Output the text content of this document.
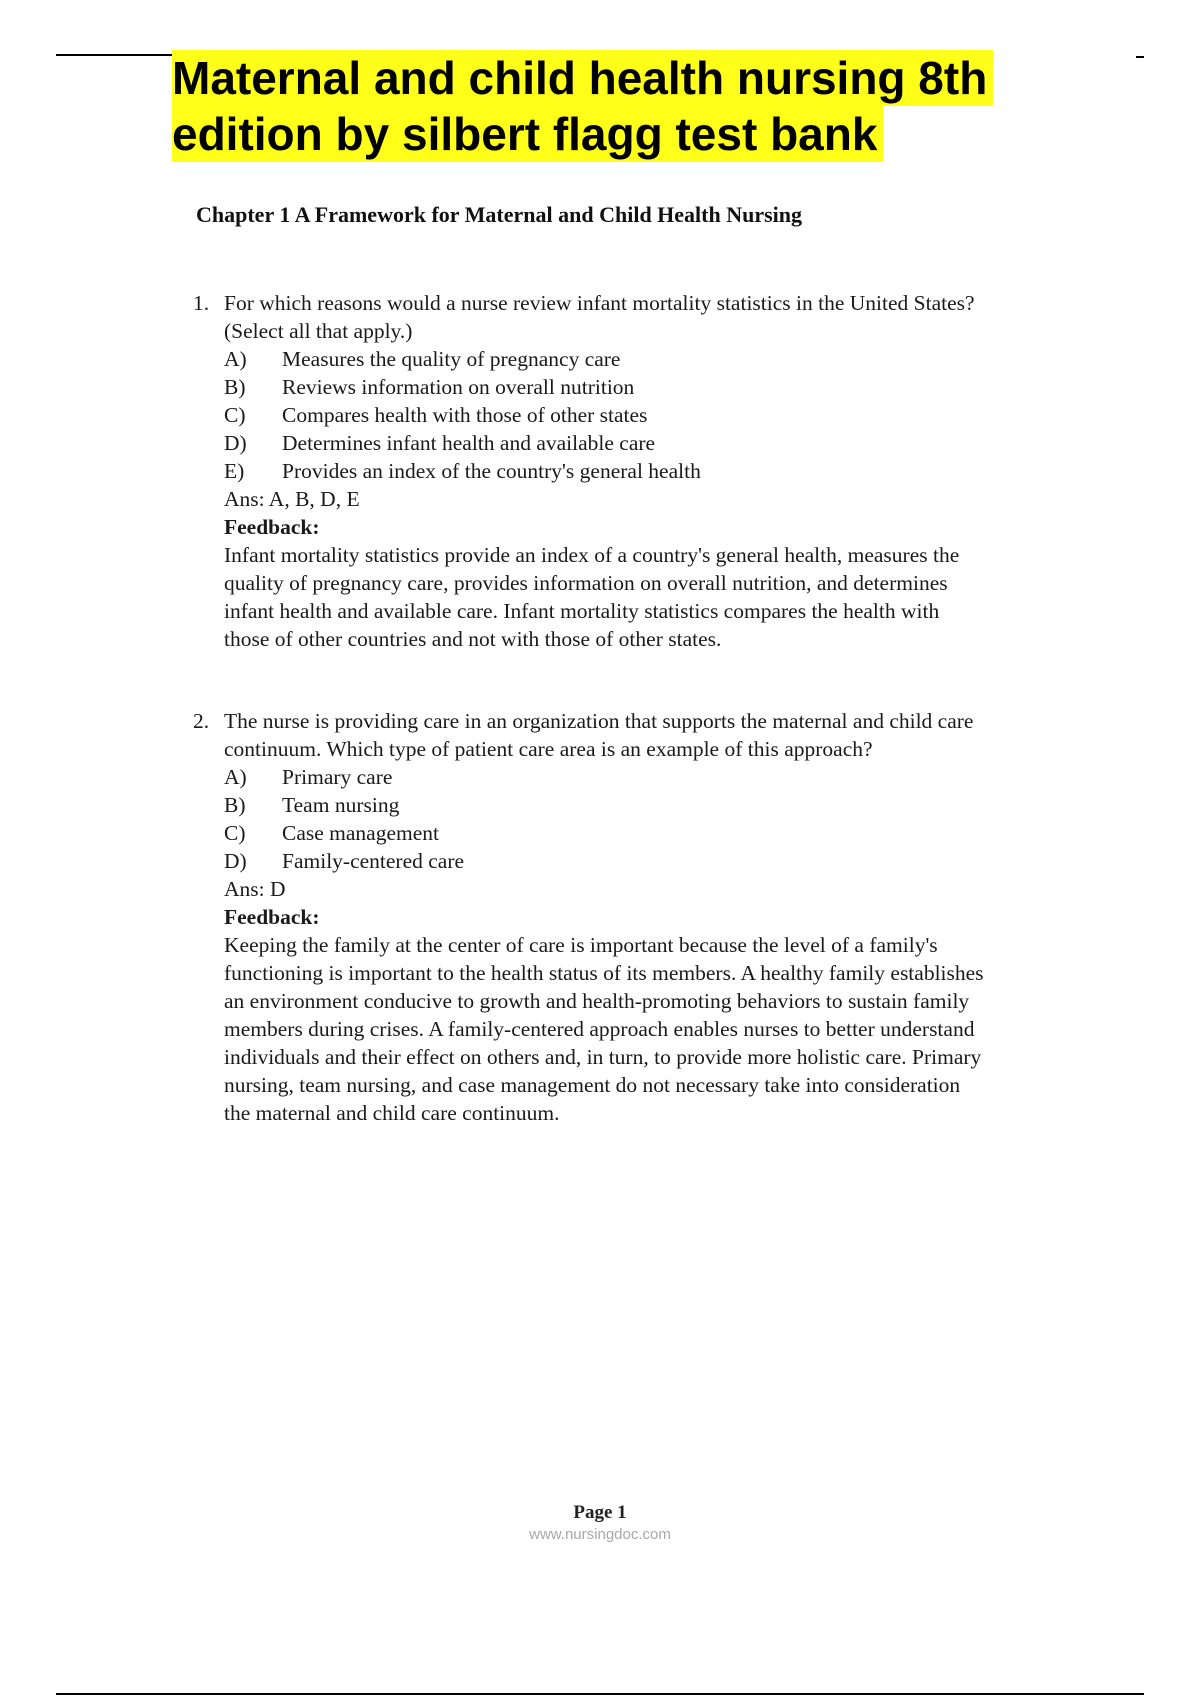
Maternal and child health nursing 8th
edition by silbert flagg test bank
Chapter 1 A Framework for Maternal and Child Health Nursing
1. For which reasons would a nurse review infant mortality statistics in the United States?
(Select all that apply.)
A)	Measures the quality of pregnancy care
B)	Reviews information on overall nutrition
C)	Compares health with those of other states
D)	Determines infant health and available care
E)	Provides an index of the country's general health
Ans: A, B, D, E
Feedback:
Infant mortality statistics provide an index of a country's general health, measures the
quality of pregnancy care, provides information on overall nutrition, and determines
infant health and available care. Infant mortality statistics compares the health with
those of other countries and not with those of other states.
2. The nurse is providing care in an organization that supports the maternal and child care
continuum. Which type of patient care area is an example of this approach?
A)	Primary care
B)	Team nursing
C)	Case management
D)	Family-centered care
Ans: D
Feedback:
Keeping the family at the center of care is important because the level of a family's
functioning is important to the health status of its members. A healthy family establishes
an environment conducive to growth and health-promoting behaviors to sustain family
members during crises. A family-centered approach enables nurses to better understand
individuals and their effect on others and, in turn, to provide more holistic care. Primary
nursing, team nursing, and case management do not necessary take into consideration
the maternal and child care continuum.
Page 1
www.nursingdoc.com
